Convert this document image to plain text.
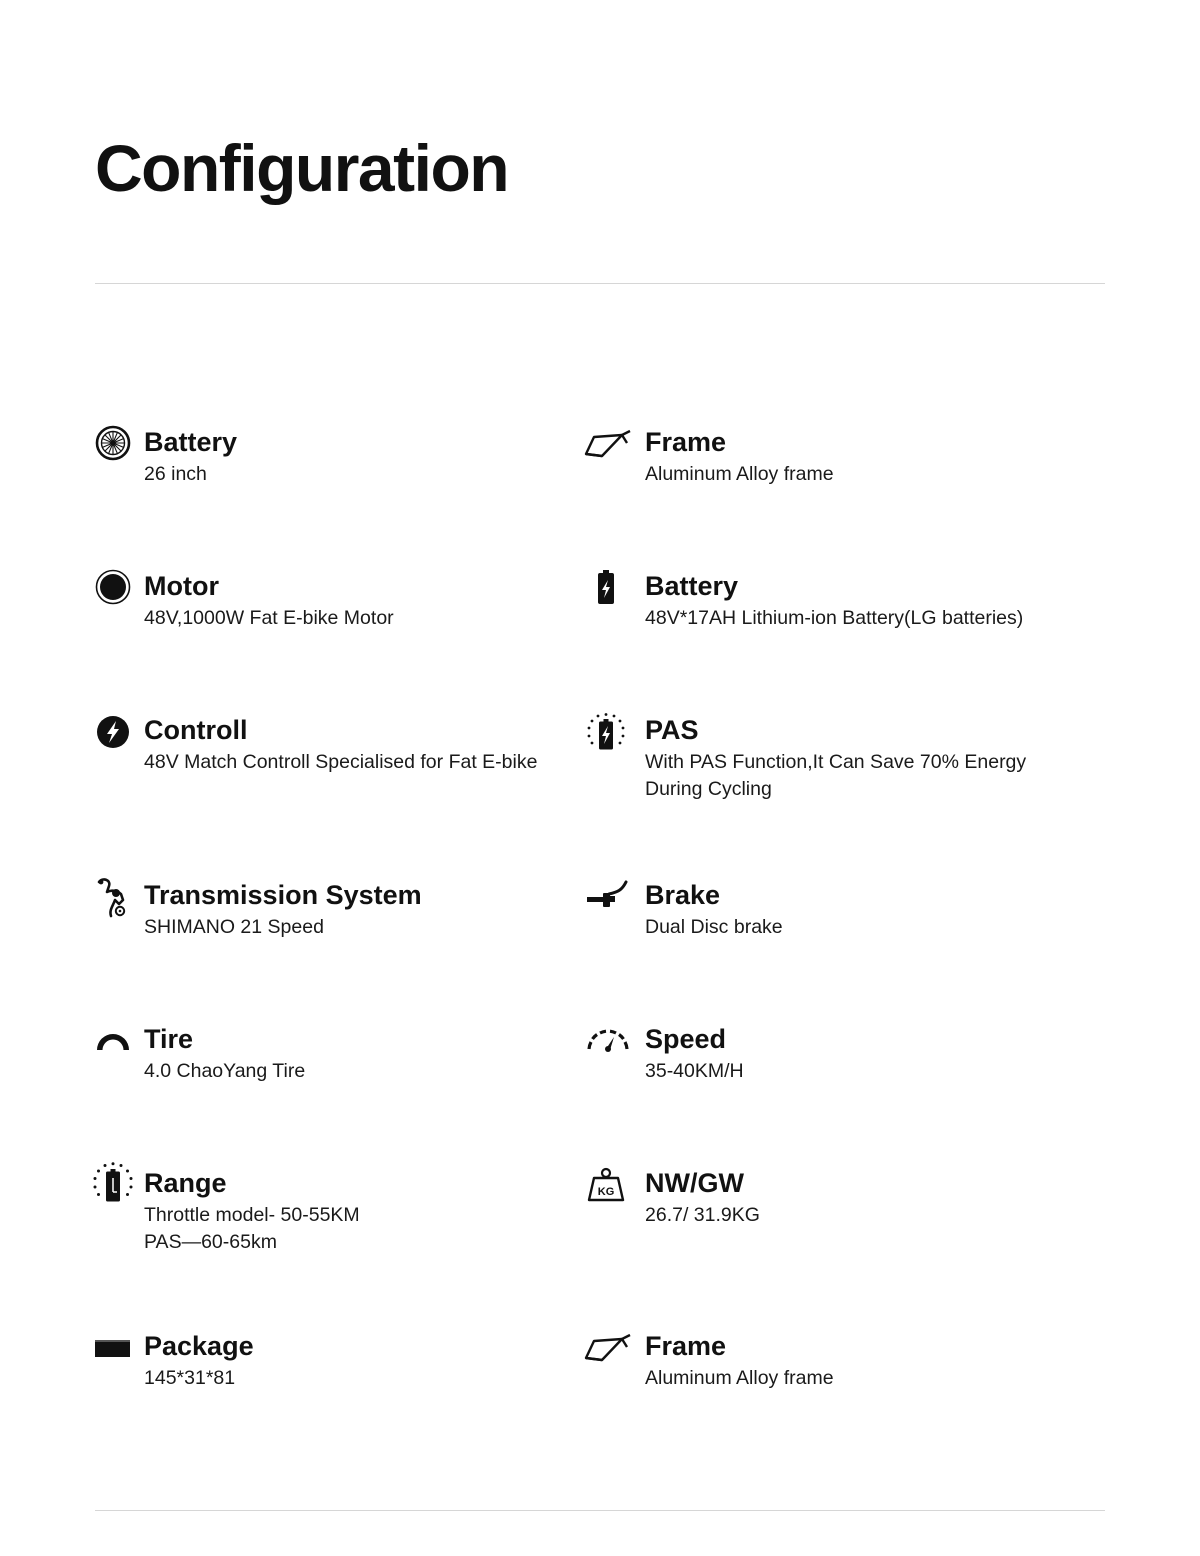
Configuration
Battery
26 inch
Frame
Aluminum Alloy frame
Motor
48V,1000W Fat E-bike Motor
Battery
48V*17AH Lithium-ion Battery(LG batteries)
Controll
48V Match Controll Specialised for Fat E-bike
PAS
With PAS Function,It Can Save 70% Energy During Cycling
Transmission System
SHIMANO 21 Speed
Brake
Dual Disc brake
Tire
4.0 ChaoYang Tire
Speed
35-40KM/H
Range
Throttle model- 50-55KM
PAS—60-65km
KG NW/GW
26.7/ 31.9KG
Package
145*31*81
Frame
Aluminum Alloy frame
